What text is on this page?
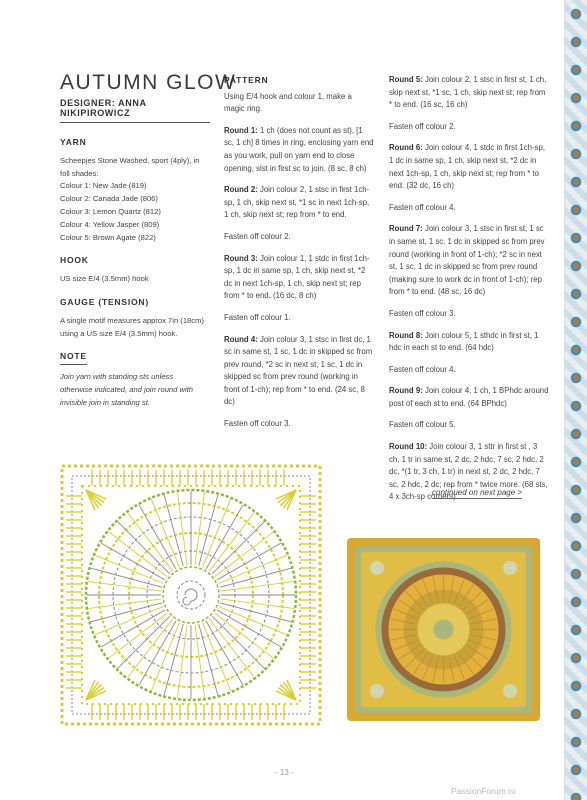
AUTUMN GLOW
DESIGNER: ANNA NIKIPIROWICZ
YARN
Scheepjes Stone Washed, sport (4ply), in
foll shades:
Colour 1: New Jade (819)
Colour 2: Canada Jade (806)
Colour 3: Lemon Quartz (812)
Colour 4: Yellow Jasper (809)
Colour 5: Brown Agate (822)
HOOK
US size E/4 (3.5mm) hook
GAUGE (TENSION)
A single motif measures approx 7in (18cm)
using a US size E/4 (3.5mm) hook.
NOTE
Join yarn with standing sts unless
otherwise indicated, and join round with
invisible join in standing st.
PATTERN

Using E/4 hook and colour 1, make a magic ring.

Round 1: 1 ch (does not count as st), [1 sc, 1 ch] 8 times in ring, enclosing yarn end as you work, pull on yarn end to close opening, slst in first sc to join. (8 sc, 8 ch)

Round 2: Join colour 2, 1 stsc in first 1ch-sp, 1 ch, skip next st, *1 sc in next 1ch-sp, 1 ch, skip next st; rep from * to end.

Fasten off colour 2.

Round 3: Join colour 1, 1 stdc in first 1ch-sp, 1 dc in same sp, 1 ch, skip next st, *2 dc in next 1ch-sp, 1 ch, skip next st; rep from * to end. (16 dc, 8 ch)

Fasten off colour 1.

Round 4: Join colour 3, 1 stsc in first dc, 1 sc in same st, 1 sc, 1 dc in skipped sc from prev round, *2 sc in next st, 1 sc, 1 dc in skipped sc from prev round (working in front of 1-ch); rep from * to end. (24 sc, 8 dc)

Fasten off colour 3.

Round 5: Join colour 2, 1 stsc in first st, 1 ch, skip next st, *1 sc, 1 ch, skip next st; rep from * to end. (16 sc, 16 ch)

Fasten off colour 2.

Round 6: Join colour 4, 1 stdc in first 1ch-sp, 1 dc in same sp, 1 ch, skip next st, *2 dc in next 1ch-sp, 1 ch, skip next st; rep from * to end. (32 dc, 16 ch)

Fasten off colour 4.

Round 7: Join colour 3, 1 stsc in first st, 1 sc in same st, 1 sc, 1 dc in skipped sc from prev round (working in front of 1-ch); *2 sc in next st, 1 sc, 1 dc in skipped sc from prev round (making sure to work dc in front of 1-ch); rep from * to end. (48 sc, 16 dc)

Fasten off colour 3.

Round 8: Join colour 5, 1 sthdc in first st, 1 hdc in each st to end. (64 hdc)

Fasten off colour 4.

Round 9: Join colour 4, 1 ch, 1 BPhdc around post of each st to end. (64 BPhdc)

Fasten off colour 5.

Round 10: Join colour 3, 1 sttr in first st , 3 ch, 1 tr in same st, 2 dc, 2 hdc, 7 sc, 2 hdc, 2 dc, *(1 tr, 3 ch, 1 tr) in next st, 2 dc, 2 hdc, 7 sc, 2 hdc, 2 dc; rep from * twice more. (68 sts, 4 x 3ch-sp corners)

continued on next page >
- 13 -
PassionForum.ru
